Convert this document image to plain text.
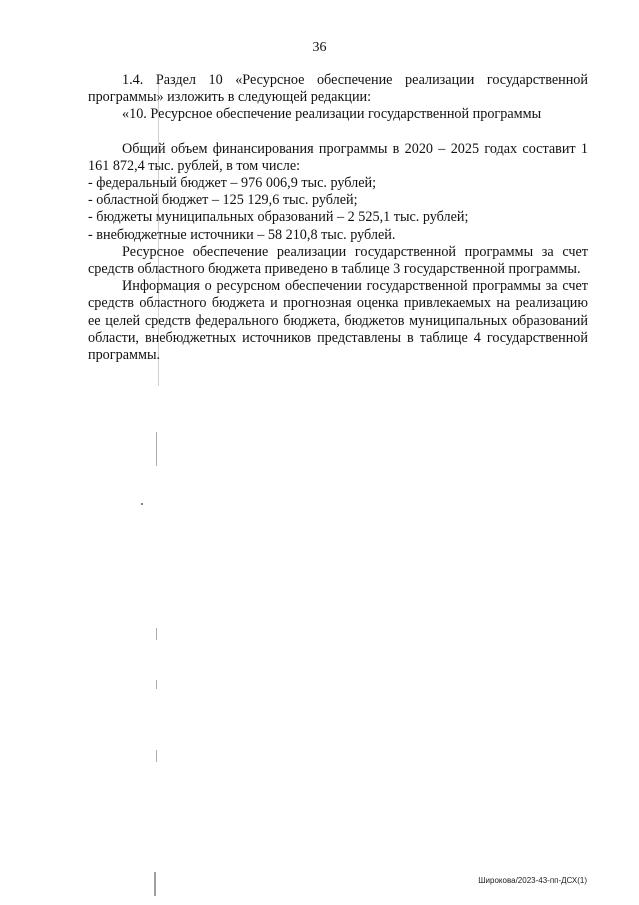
36

1.4. Раздел 10 «Ресурсное обеспечение реализации государственной программы» изложить в следующей редакции:

«10. Ресурсное обеспечение реализации государственной программы

Общий объем финансирования программы в 2020 – 2025 годах составит 1 161 872,4 тыс. рублей, в том числе:

- федеральный бюджет – 976 006,9 тыс. рублей;

- областной бюджет – 125 129,6 тыс. рублей;

- бюджеты муниципальных образований – 2 525,1 тыс. рублей;

- внебюджетные источники – 58 210,8 тыс. рублей.

Ресурсное обеспечение реализации государственной программы за счет средств областного бюджета приведено в таблице 3 государственной программы.

Информация о ресурсном обеспечении государственной программы за счет средств областного бюджета и прогнозная оценка привлекаемых на реализацию ее целей средств федерального бюджета, бюджетов муниципальных образований области, внебюджетных источников представлены в таблице 4 государственной программы.

Широкова/2023-43-пп-ДСХ(1)
